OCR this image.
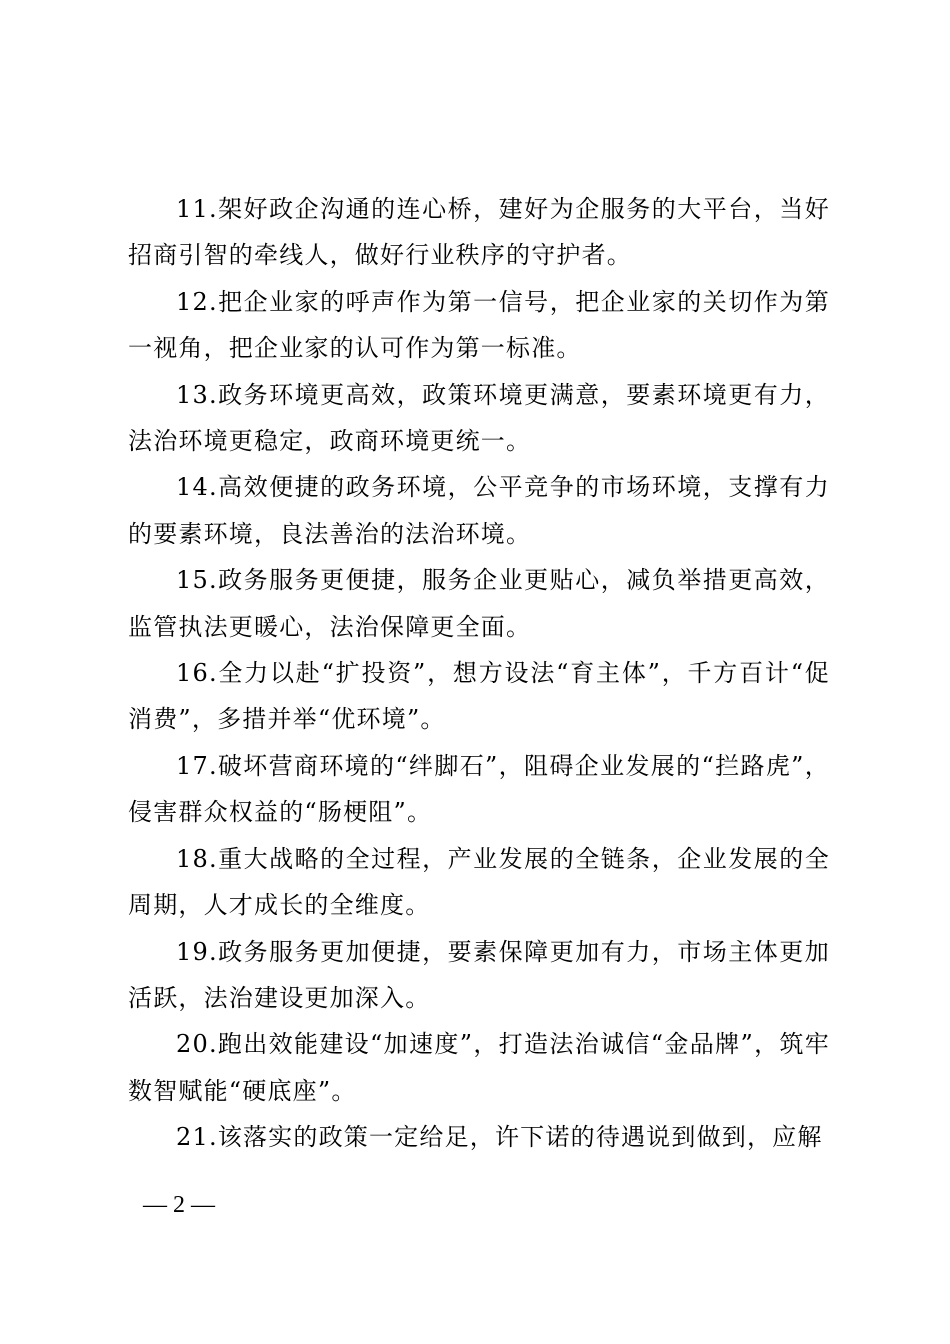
11.架好政企沟通的连心桥，建好为企服务的大平台，当好招商引智的牵线人，做好行业秩序的守护者。

12.把企业家的呼声作为第一信号，把企业家的关切作为第一视角，把企业家的认可作为第一标准。

13.政务环境更高效，政策环境更满意，要素环境更有力，法治环境更稳定，政商环境更统一。

14.高效便捷的政务环境，公平竞争的市场环境，支撑有力的要素环境，良法善治的法治环境。

15.政务服务更便捷，服务企业更贴心，减负举措更高效，监管执法更暖心，法治保障更全面。

16.全力以赴“扩投资”，想方设法“育主体”，千方百计“促消费”，多措并举“优环境”。

17.破坏营商环境的“绊脚石”，阻碍企业发展的“拦路虎”，侵害群众权益的“肠梗阻”。

18.重大战略的全过程，产业发展的全链条，企业发展的全周期，人才成长的全维度。

19.政务服务更加便捷，要素保障更加有力，市场主体更加活跃，法治建设更加深入。

20.跑出效能建设“加速度”，打造法治诚信“金品牌”，筑牢数智赋能“硬底座”。

21.该落实的政策一定给足，许下诺的待遇说到做到，应解

— 2 —
